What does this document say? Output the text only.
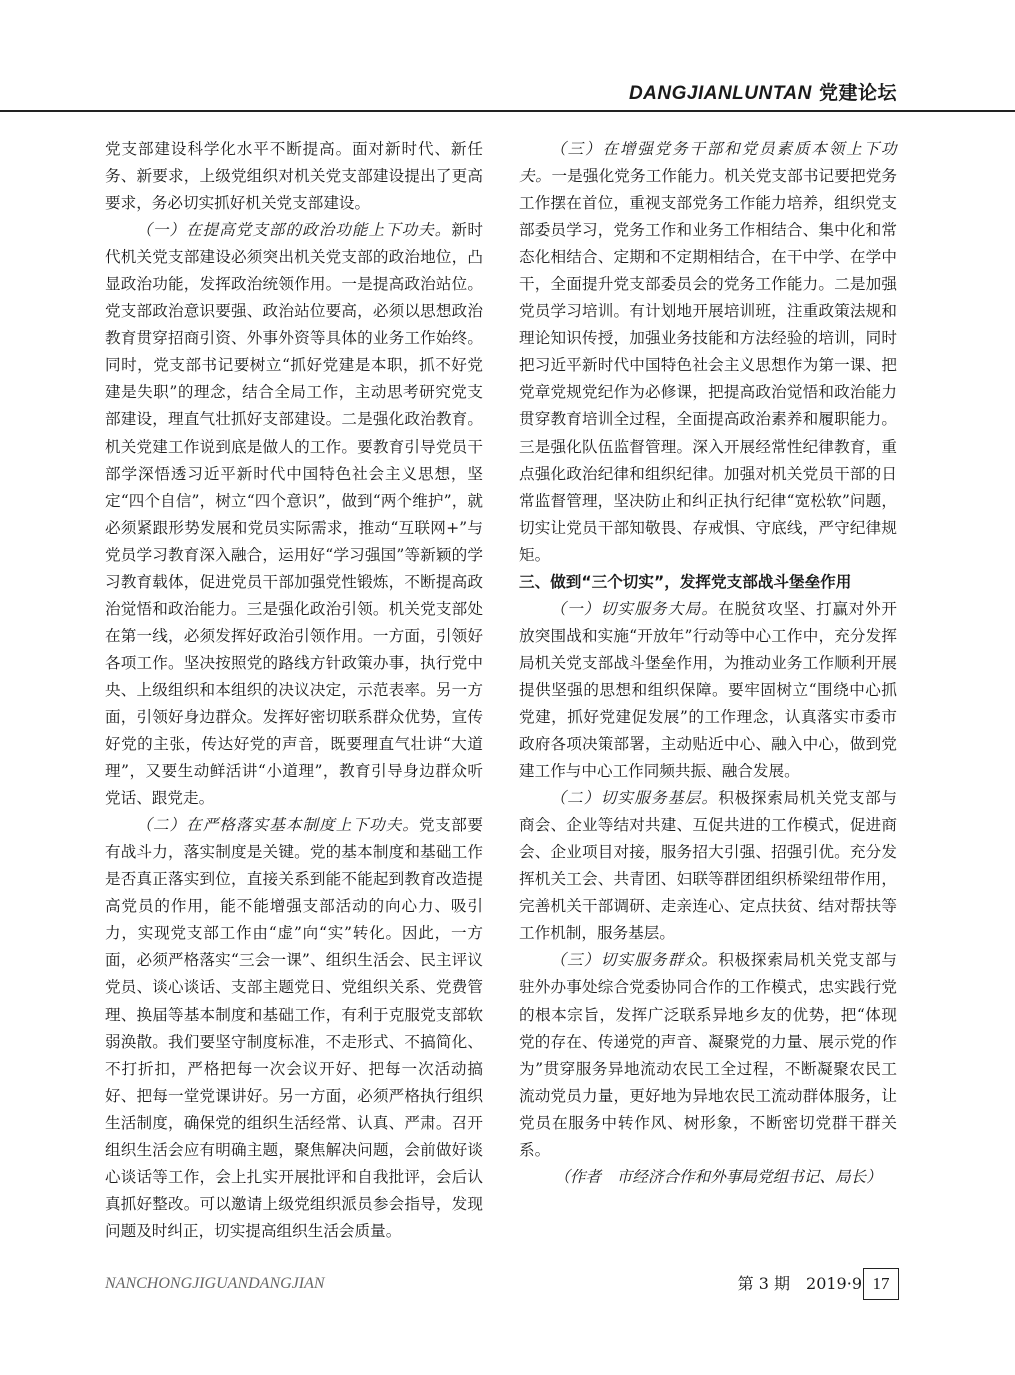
DANGJIANLUNTAN 党建论坛

党支部建设科学化水平不断提高。面对新时代、新任务、新要求，上级党组织对机关党支部建设提出了更高要求，务必切实抓好机关党支部建设。

（一）在提高党支部的政治功能上下功夫。新时代机关党支部建设必须突出机关党支部的政治地位，凸显政治功能，发挥政治统领作用。一是提高政治站位。党支部政治意识要强、政治站位要高，必须以思想政治教育贯穿招商引资、外事外资等具体的业务工作始终。同时，党支部书记要树立“抓好党建是本职，抓不好党建是失职”的理念，结合全局工作，主动思考研究党支部建设，理直气壮抓好支部建设。二是强化政治教育。机关党建工作说到底是做人的工作。要教育引导党员干部学深悟透习近平新时代中国特色社会主义思想，坚定“四个自信”，树立“四个意识”，做到“两个维护”，就必须紧跟形势发展和党员实际需求，推动“互联网+”与党员学习教育深入融合，运用好“学习强国”等新颖的学习教育载体，促进党员干部加强党性锻炼，不断提高政治觉悟和政治能力。三是强化政治引领。机关党支部处在第一线，必须发挥好政治引领作用。一方面，引领好各项工作。坚决按照党的路线方针政策办事，执行党中央、上级组织和本组织的决议决定，示范表率。另一方面，引领好身边群众。发挥好密切联系群众优势，宣传好党的主张，传达好党的声音，既要理直气壮讲“大道理”，又要生动鲜活讲“小道理”，教育引导身边群众听党话、跟党走。

（二）在严格落实基本制度上下功夫。党支部要有战斗力，落实制度是关键。党的基本制度和基础工作是否真正落实到位，直接关系到能不能起到教育改造提高党员的作用，能不能增强支部活动的向心力、吸引力，实现党支部工作由“虚”向“实”转化。因此，一方面，必须严格落实“三会一课”、组织生活会、民主评议党员、谈心谈话、支部主题党日、党组织关系、党费管理、换届等基本制度和基础工作，有利于克服党支部软弱涣散。我们要坚守制度标准，不走形式、不搞简化、不打折扣，严格把每一次会议开好、把每一次活动搞好、把每一堂党课讲好。另一方面，必须严格执行组织生活制度，确保党的组织生活经常、认真、严肃。召开组织生活会应有明确主题，聚焦解决问题，会前做好谈心谈话等工作，会上扎实开展批评和自我批评，会后认真抓好整改。可以邀请上级党组织派员参会指导，发现问题及时纠正，切实提高组织生活会质量。

（三）在增强党务干部和党员素质本领上下功夫。一是强化党务工作能力。机关党支部书记要把党务工作摆在首位，重视支部党务工作能力培养，组织党支部委员学习，党务工作和业务工作相结合、集中化和常态化相结合、定期和不定期相结合，在干中学、在学中干，全面提升党支部委员会的党务工作能力。二是加强党员学习培训。有计划地开展培训班，注重政策法规和理论知识传授，加强业务技能和方法经验的培训，同时把习近平新时代中国特色社会主义思想作为第一课、把党章党规党纪作为必修课，把提高政治觉悟和政治能力贯穿教育培训全过程，全面提高政治素养和履职能力。三是强化队伍监督管理。深入开展经常性纪律教育，重点强化政治纪律和组织纪律。加强对机关党员干部的日常监督管理，坚决防止和纠正执行纪律“宽松软”问题，切实让党员干部知敬畏、存戒惧、守底线，严守纪律规矩。

三、做到“三个切实”，发挥党支部战斗堡垒作用

（一）切实服务大局。在脱贫攻坚、打赢对外开放突围战和实施“开放年”行动等中心工作中，充分发挥局机关党支部战斗堡垒作用，为推动业务工作顺利开展提供坚强的思想和组织保障。要牢固树立“围绕中心抓党建，抓好党建促发展”的工作理念，认真落实市委市政府各项决策部署，主动贴近中心、融入中心，做到党建工作与中心工作同频共振、融合发展。

（二）切实服务基层。积极探索局机关党支部与商会、企业等结对共建、互促共进的工作模式，促进商会、企业项目对接，服务招大引强、招强引优。充分发挥机关工会、共青团、妇联等群团组织桥梁纽带作用，完善机关干部调研、走亲连心、定点扶贫、结对帮扶等工作机制，服务基层。

（三）切实服务群众。积极探索局机关党支部与驻外办事处综合党委协同合作的工作模式，忠实践行党的根本宗旨，发挥广泛联系异地乡友的优势，把“体现党的存在、传递党的声音、凝聚党的力量、展示党的作为”贯穿服务异地流动农民工全过程，不断凝聚农民工流动党员力量，更好地为异地农民工流动群体服务，让党员在服务中转作风、树形象，不断密切党群干群关系。

（作者　市经济合作和外事局党组书记、局长）

NANCHONGJIGUANDANGJIAN	第 3 期　2019·9 17
